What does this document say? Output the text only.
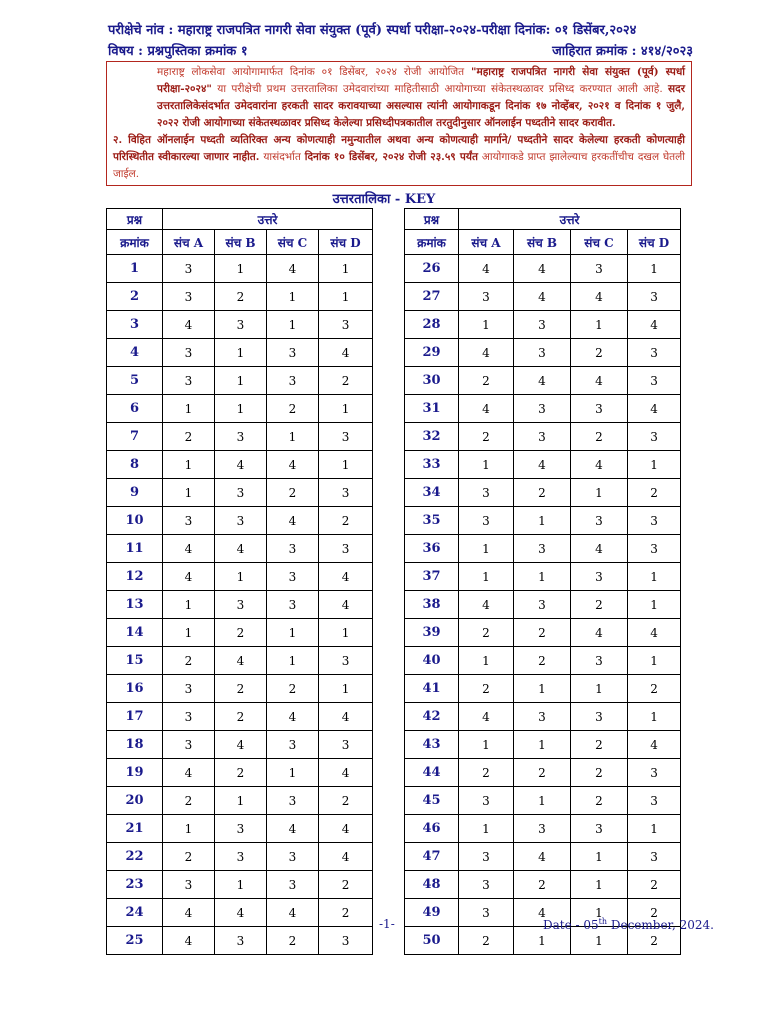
परीक्षेचे नांव : महाराष्ट्र राजपत्रित नागरी सेवा संयुक्त (पूर्व) स्पर्धा परीक्षा-२०२४-परीक्षा दिनांक: ०१ डिसेंबर,२०२४
विषय : प्रश्नपुस्तिका क्रमांक १	जाहिरात क्रमांक : ४१४/२०२३
महाराष्ट्र लोकसेवा आयोगामार्फत दिनांक ०१ डिसेंबर, २०२४ रोजी आयोजित "महाराष्ट्र राजपत्रित नागरी सेवा संयुक्त (पूर्व) स्पर्धा परीक्षा-२०२४" या परीक्षेची प्रथम उत्तरतालिका उमेदवारांच्या माहितीसाठी आयोगाच्या संकेतस्थळावर प्रसिध्द करण्यात आली आहे. सदर उत्तरतालिकेसंदर्भात उमेदवारांना हरकती सादर करावयाच्या असल्यास त्यांनी आयोगाकडून दिनांक १७ नोव्हेंबर, २०२१ व दिनांक १ जुलै, २०२२ रोजी आयोगाच्या संकेतस्थळावर प्रसिध्द केलेल्या प्रसिध्दीपत्रकातील तरतुदीनुसार ऑनलाईन पध्दतीने सादर करावीत.
२. विहित ऑनलाईन पध्दती व्यतिरिक्त अन्य कोणत्याही नमुन्यातील अथवा अन्य कोणत्याही मार्गाने/ पध्दतीने सादर केलेल्या हरकती कोणत्याही परिस्थितीत स्वीकारल्या जाणार नाहीत. यासंदर्भात दिनांक १० डिसेंबर, २०२४ रोजी २३.५९ पर्यंत आयोगाकडे प्राप्त झालेल्याच हरकतींचीच दखल घेतली जाईल.
उत्तरतालिका - KEY
प्रश्न	उत्तरे			
क्रमांक	संच A	संच B	संच C	संच D
1	3	1	4	1
2	3	2	1	1
3	4	3	1	3
4	3	1	3	4
5	3	1	3	2
6	1	1	2	1
7	2	3	1	3
8	1	4	4	1
9	1	3	2	3
10	3	3	4	2
11	4	4	3	3
12	4	1	3	4
13	1	3	3	4
14	1	2	1	1
15	2	4	1	3
16	3	2	2	1
17	3	2	4	4
18	3	4	3	3
19	4	2	1	4
20	2	1	3	2
21	1	3	4	4
22	2	3	3	4
23	3	1	3	2
24	4	4	4	2
25	4	3	2	3
प्रश्न	उत्तरे			
क्रमांक	संच A	संच B	संच C	संच D
26	4	4	3	1
27	3	4	4	3
28	1	3	1	4
29	4	3	2	3
30	2	4	4	3
31	4	3	3	4
32	2	3	2	3
33	1	4	4	1
34	3	2	1	2
35	3	1	3	3
36	1	3	4	3
37	1	1	3	1
38	4	3	2	1
39	2	2	4	4
40	1	2	3	1
41	2	1	1	2
42	4	3	3	1
43	1	1	2	4
44	2	2	2	3
45	3	1	2	3
46	1	3	3	1
47	3	4	1	3
48	3	2	1	2
49	3	4	1	2
50	2	1	1	2
-1-	Date - 05th December, 2024.
